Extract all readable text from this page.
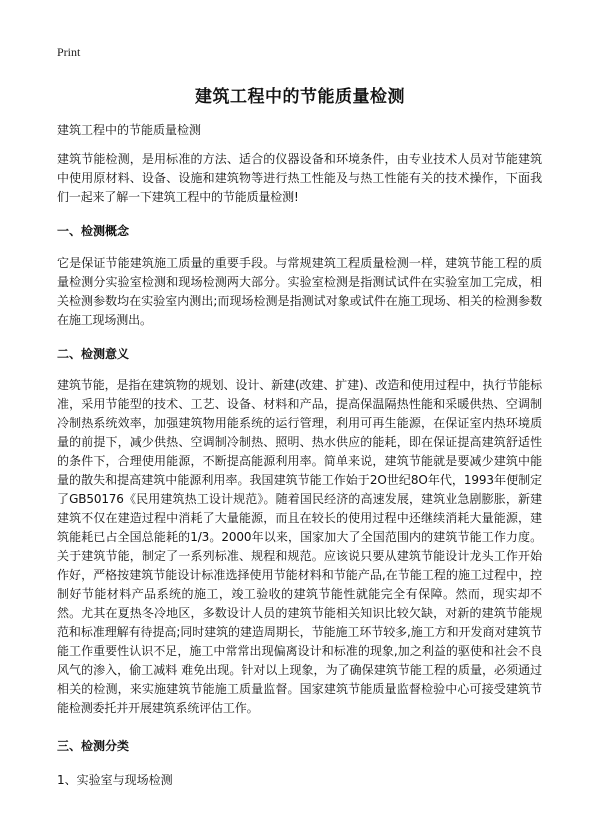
Print
建筑工程中的节能质量检测

建筑工程中的节能质量检测

建筑节能检测，是用标准的方法、适合的仪器设备和环境条件，由专业技术人员对节能建筑中使用原材料、设备、设施和建筑物等进行热工性能及与热工性能有关的技术操作，下面我们一起来了解一下建筑工程中的节能质量检测!

一、检测概念

它是保证节能建筑施工质量的重要手段。与常规建筑工程质量检测一样，建筑节能工程的质量检测分实验室检测和现场检测两大部分。实验室检测是指测试试件在实验室加工完成，相关检测参数均在实验室内测出;而现场检测是指测试对象或试件在施工现场、相关的检测参数在施工现场测出。

二、检测意义

建筑节能，是指在建筑物的规划、设计、新建(改建、扩建)、改造和使用过程中，执行节能标准，采用节能型的技术、工艺、设备、材料和产品，提高保温隔热性能和采暖供热、空调制冷制热系统效率，加强建筑物用能系统的运行管理，利用可再生能源，在保证室内热环境质量的前提下，减少供热、空调制冷制热、照明、热水供应的能耗，即在保证提高建筑舒适性的条件下，合理使用能源，不断提高能源利用率。简单来说，建筑节能就是要减少建筑中能量的散失和提高建筑中能源利用率。我国建筑节能工作始于2O世纪8O年代，1993年便制定了GB50176《民用建筑热工设计规范》。随着国民经济的高速发展，建筑业急剧膨胀，新建建筑不仅在建造过程中消耗了大量能源，而且在较长的使用过程中还继续消耗大量能源，建筑能耗已占全国总能耗的1/3。2000年以来，国家加大了全国范围内的建筑节能工作力度。关于建筑节能，制定了一系列标准、规程和规范。应该说只要从建筑节能设计龙头工作开始作好，严格按建筑节能设计标准选择使用节能材料和节能产品,在节能工程的施工过程中，控制好节能材料产品系统的施工，竣工验收的建筑节能性就能完全有保障。然而，现实却不然。尤其在夏热冬冷地区，多数设计人员的建筑节能相关知识比较欠缺，对新的建筑节能规范和标准理解有待提高;同时建筑的建造周期长，节能施工环节较多,施工方和开发商对建筑节能工作重要性认识不足，施工中常常出现偏离设计和标准的现象,加之利益的驱使和社会不良风气的渗入，偷工减料 难免出现。针对以上现象，为了确保建筑节能工程的质量，必须通过相关的检测，来实施建筑节能施工质量监督。国家建筑节能质量监督检验中心可接受建筑节能检测委托并开展建筑系统评估工作。

三、检测分类

1、实验室与现场检测
